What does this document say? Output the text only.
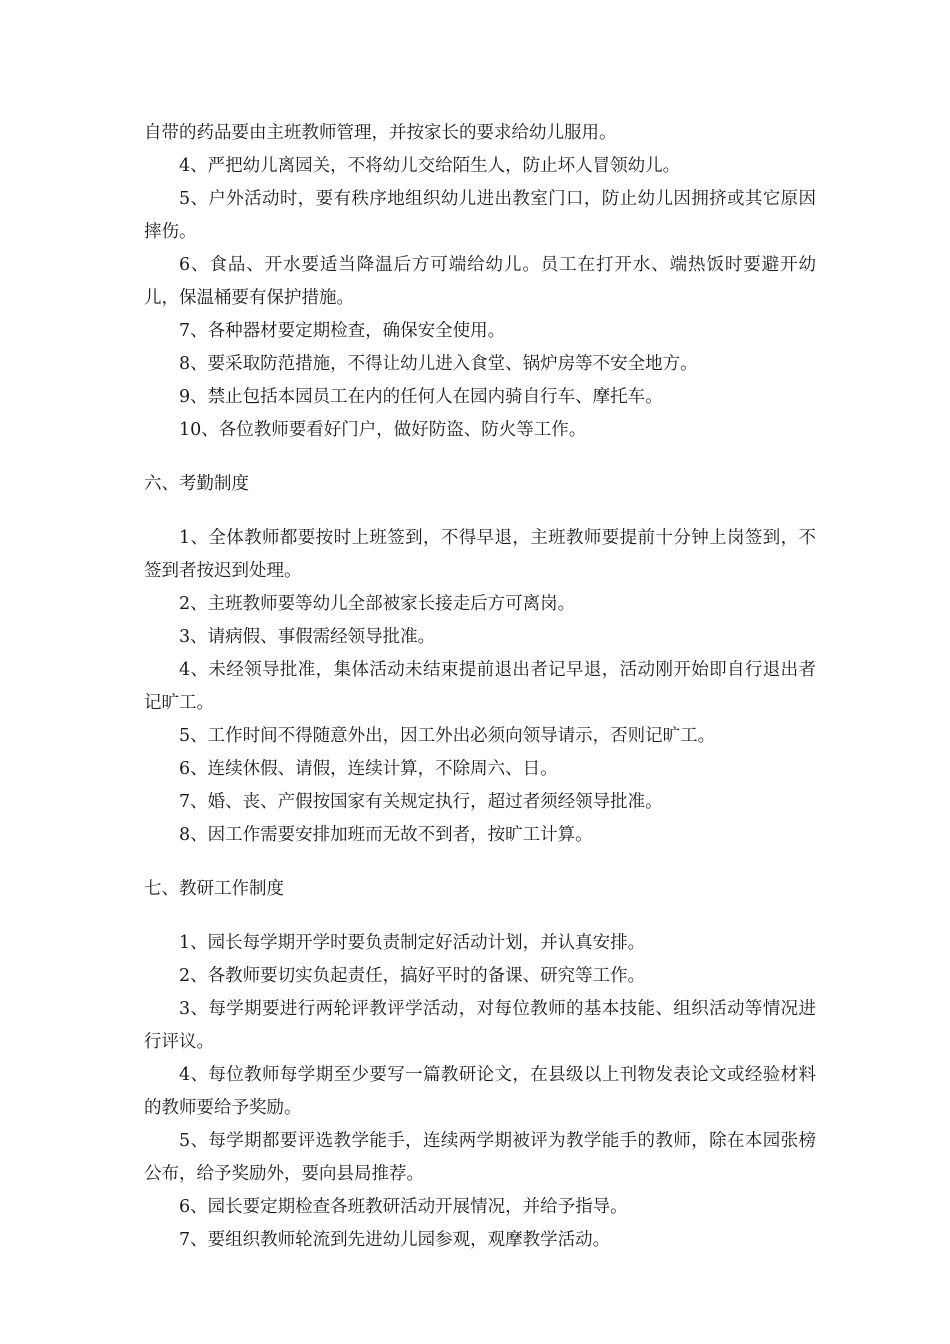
自带的药品要由主班教师管理，并按家长的要求给幼儿服用。

4、严把幼儿离园关，不将幼儿交给陌生人，防止坏人冒领幼儿。

5、户外活动时，要有秩序地组织幼儿进出教室门口，防止幼儿因拥挤或其它原因摔伤。

6、食品、开水要适当降温后方可端给幼儿。员工在打开水、端热饭时要避开幼儿，保温桶要有保护措施。

7、各种器材要定期检查，确保安全使用。

8、要采取防范措施，不得让幼儿进入食堂、锅炉房等不安全地方。

9、禁止包括本园员工在内的任何人在园内骑自行车、摩托车。

10、各位教师要看好门户，做好防盗、防火等工作。

六、考勤制度

1、全体教师都要按时上班签到，不得早退，主班教师要提前十分钟上岗签到，不签到者按迟到处理。

2、主班教师要等幼儿全部被家长接走后方可离岗。

3、请病假、事假需经领导批准。

4、未经领导批准，集体活动未结束提前退出者记早退，活动刚开始即自行退出者记旷工。

5、工作时间不得随意外出，因工外出必须向领导请示，否则记旷工。

6、连续休假、请假，连续计算，不除周六、日。

7、婚、丧、产假按国家有关规定执行，超过者须经领导批准。

8、因工作需要安排加班而无故不到者，按旷工计算。

七、教研工作制度

1、园长每学期开学时要负责制定好活动计划，并认真安排。

2、各教师要切实负起责任，搞好平时的备课、研究等工作。

3、每学期要进行两轮评教评学活动，对每位教师的基本技能、组织活动等情况进行评议。

4、每位教师每学期至少要写一篇教研论文，在县级以上刊物发表论文或经验材料的教师要给予奖励。

5、每学期都要评选教学能手，连续两学期被评为教学能手的教师，除在本园张榜公布，给予奖励外，要向县局推荐。

6、园长要定期检查各班教研活动开展情况，并给予指导。

7、要组织教师轮流到先进幼儿园参观，观摩教学活动。
